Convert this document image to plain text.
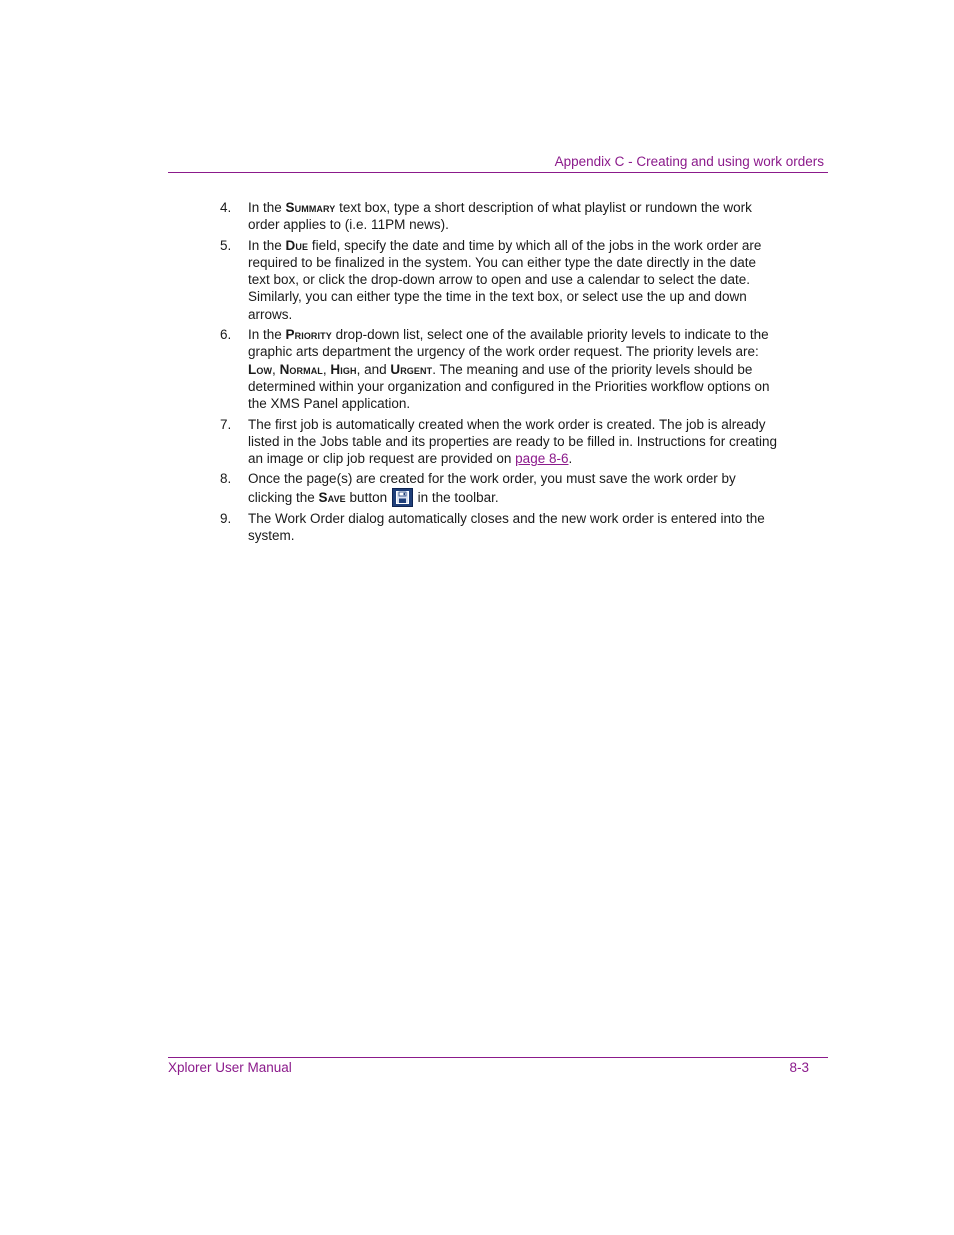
Appendix C - Creating and using work orders
4. In the Summary text box, type a short description of what playlist or rundown the work order applies to (i.e. 11PM news).
5. In the Due field, specify the date and time by which all of the jobs in the work order are required to be finalized in the system. You can either type the date directly in the date text box, or click the drop-down arrow to open and use a calendar to select the date. Similarly, you can either type the time in the text box, or select use the up and down arrows.
6. In the Priority drop-down list, select one of the available priority levels to indicate to the graphic arts department the urgency of the work order request. The priority levels are: Low, Normal, High, and Urgent. The meaning and use of the priority levels should be determined within your organization and configured in the Priorities workflow options on the XMS Panel application.
7. The first job is automatically created when the work order is created. The job is already listed in the Jobs table and its properties are ready to be filled in. Instructions for creating an image or clip job request are provided on page 8-6.
8. Once the page(s) are created for the work order, you must save the work order by clicking the Save button
in the toolbar.
9. The Work Order dialog automatically closes and the new work order is entered into the system.
Xplorer User Manual	8-3
